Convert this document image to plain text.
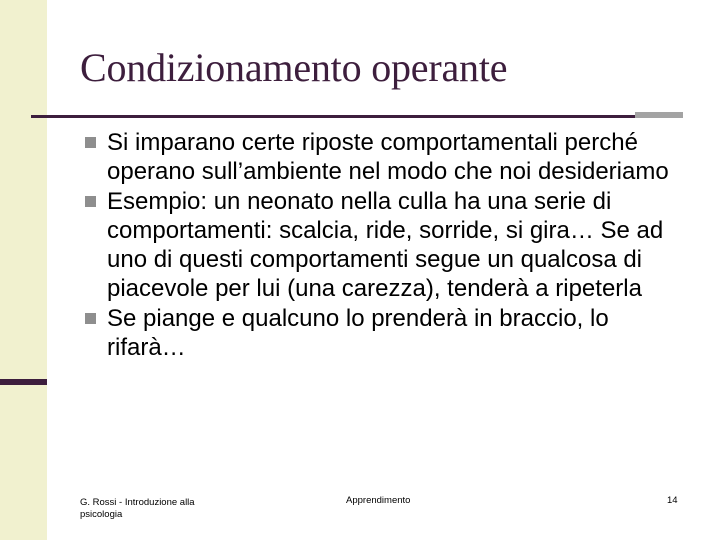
Condizionamento operante
Si imparano certe riposte comportamentali perché operano sull’ambiente nel modo che noi desideriamo
Esempio: un neonato nella culla ha una serie di comportamenti: scalcia, ride, sorride, si gira… Se ad uno di questi comportamenti segue un qualcosa di piacevole per lui (una carezza), tenderà a ripeterla
Se piange e qualcuno lo prenderà in braccio, lo rifarà…
G. Rossi - Introduzione alla psicologia
Apprendimento	14
